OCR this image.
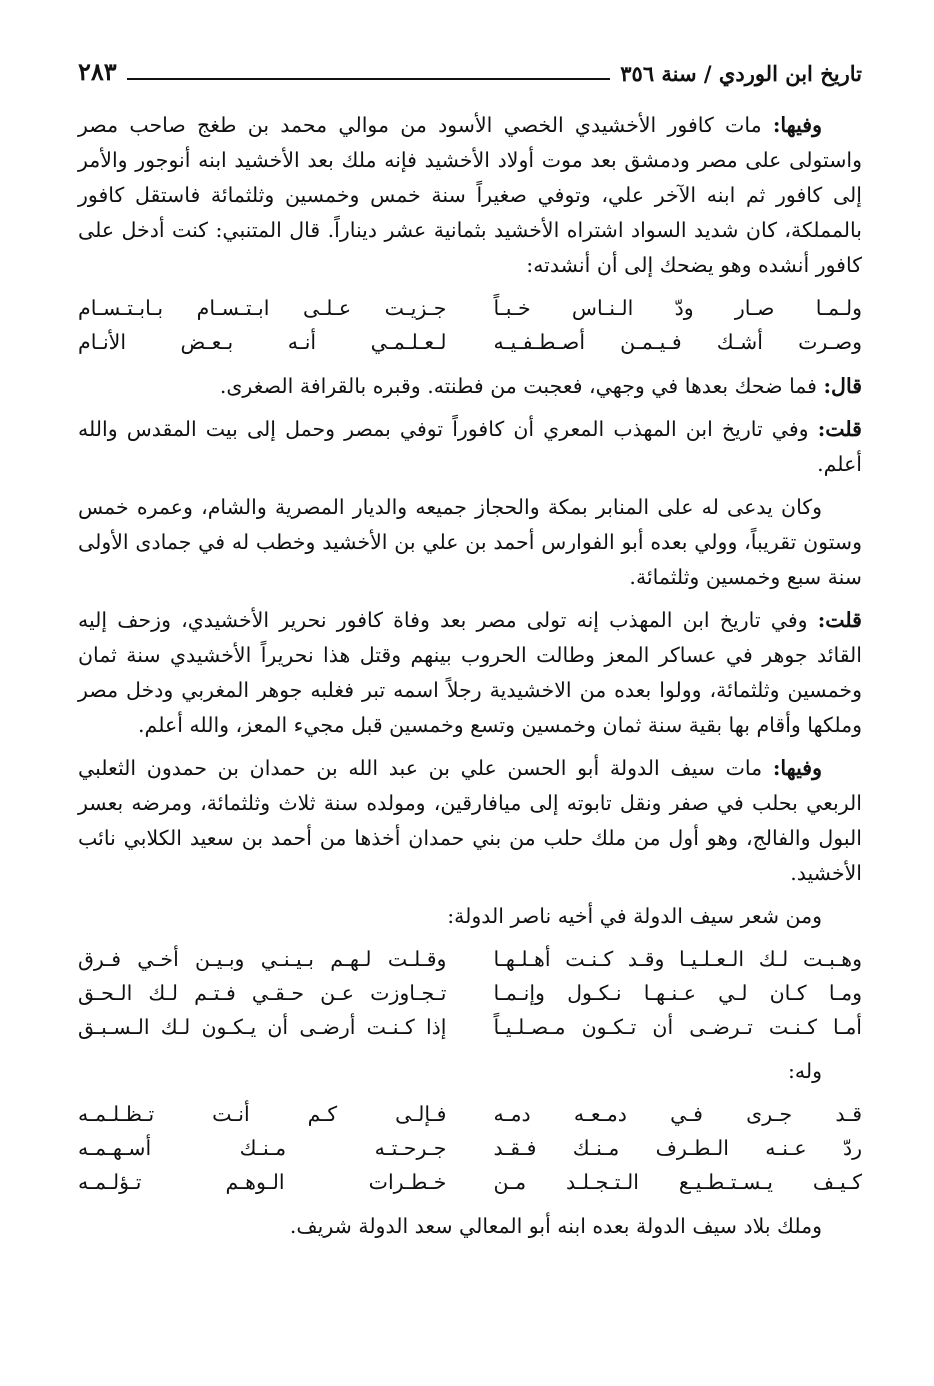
تاريخ ابن الوردي / سنة ٣٥٦
٢٨٣

وفيها: مات كافور الأخشيدي الخصي الأسود من موالي محمد بن طغج صاحب مصر واستولى على مصر ودمشق بعد موت أولاد الأخشيد فإنه ملك بعد الأخشيد ابنه أنوجور والأمر إلى كافور ثم ابنه الآخر علي، وتوفي صغيراً سنة خمس وخمسين وثلثمائة فاستقل كافور بالمملكة، كان شديد السواد اشتراه الأخشيد بثمانية عشر ديناراً. قال المتنبي: كنت أدخل على كافور أنشده وهو يضحك إلى أن أنشدته:

ولـمـا صـار ودّ الـنـاس خـبـاً
جـزيـت عـلـى ابـتـسـام بـابـتـسـام
وصـرت أشـك فـيـمـن أصـطـفـيـه
لـعـلـمـي أنـه بـعـض الأنـام

قال: فما ضحك بعدها في وجهي، فعجبت من فطنته. وقبره بالقرافة الصغرى.

قلت: وفي تاريخ ابن المهذب المعري أن كافوراً توفي بمصر وحمل إلى بيت المقدس والله أعلم.

وكان يدعى له على المنابر بمكة والحجاز جميعه والديار المصرية والشام، وعمره خمس وستون تقريباً، وولي بعده أبو الفوارس أحمد بن علي بن الأخشيد وخطب له في جمادى الأولى سنة سبع وخمسين وثلثمائة.

قلت: وفي تاريخ ابن المهذب إنه تولى مصر بعد وفاة كافور نحرير الأخشيدي، وزحف إليه القائد جوهر في عساكر المعز وطالت الحروب بينهم وقتل هذا نحريراً الأخشيدي سنة ثمان وخمسين وثلثمائة، وولوا بعده من الاخشيدية رجلاً اسمه تبر فغلبه جوهر المغربي ودخل مصر وملكها وأقام بها بقية سنة ثمان وخمسين وتسع وخمسين قبل مجيء المعز، والله أعلم.

وفيها: مات سيف الدولة أبو الحسن علي بن عبد الله بن حمدان بن حمدون الثعلبي الربعي بحلب في صفر ونقل تابوته إلى ميافارقين، ومولده سنة ثلاث وثلثمائة، ومرضه بعسر البول والفالج، وهو أول من ملك حلب من بني حمدان أخذها من أحمد بن سعيد الكلابي نائب الأخشيد.

ومن شعر سيف الدولة في أخيه ناصر الدولة:

وهـبـت لـك الـعـلـيـا وقـد كـنـت أهـلـهـا
وقـلـت لـهـم بـيـنـي وبـيـن أخـي فـرق
ومـا كـان لـي عـنـهـا نـكـول وإنـمـا
تـجـاوزت عـن حـقـي فـتـم لـك الـحـق
أمـا كـنـت تـرضـى أن تـكـون مـصـلـيـاً
إذا كـنـت أرضـى أن يـكـون لـك الـسـبـق

وله:

قـد جـرى فـي دمـعـه دمـه
فـإلـى كـم أنـت تـظـلـمـه
ردّ عـنـه الـطـرف مـنـك فـقـد
جـرحـتـه مـنـك أسـهـمـه
كـيـف يـسـتـطـيـع الـتـجـلـد مـن
خـطـرات الـوهـم تـؤلـمـه

وملك بلاد سيف الدولة بعده ابنه أبو المعالي سعد الدولة شريف.
